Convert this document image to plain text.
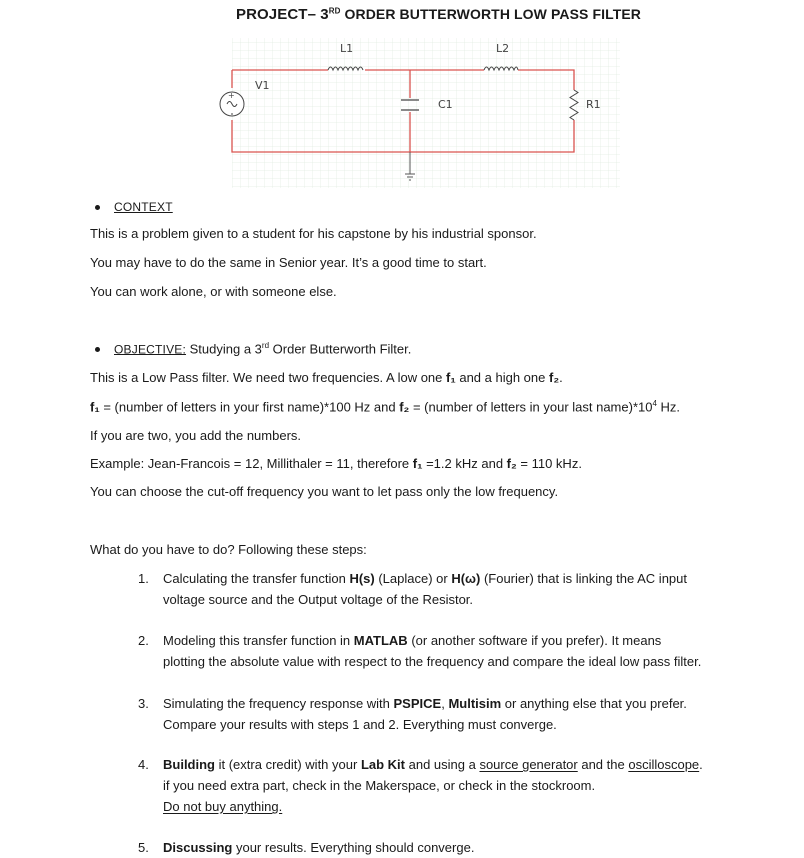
PROJECT– 3RD ORDER BUTTERWORTH LOW PASS FILTER
L1	L2
+
V1
C1	R1
CONTEXT
This is a problem given to a student for his capstone by his industrial sponsor.
You may have to do the same in Senior year. It’s a good time to start.
You can work alone, or with someone else.
OBJECTIVE: Studying a 3rd Order Butterworth Filter.
This is a Low Pass filter. We need two frequencies. A low one f₁ and a high one f₂.
f₁ = (number of letters in your first name)*100 Hz and f₂ = (number of letters in your last $name)*10^4$ Hz.
If you are two, you add the numbers.
Example: Jean-Francois = 12, Millithaler = 11, therefore f₁ =1.2 kHz and f₂ = 110 kHz.
You can choose the cut-off frequency you want to let pass only the low frequency.
What do you have to do? Following these steps:
1. Calculating the transfer function H(s) (Laplace) or H(ω) (Fourier) that is linking the AC input
voltage source and the Output voltage of the Resistor.
2. Modeling this transfer function in MATLAB (or another software if you prefer). It means
plotting the absolute value with respect to the frequency and compare the ideal low pass filter.
3. Simulating the frequency response with PSPICE, Multisim or anything else that you prefer.
Compare your results with steps 1 and 2. Everything must converge.
4. Building it (extra credit) with your Lab Kit and using a source generator and the oscilloscope.
if you need extra part, check in the Makerspace, or check in the stockroom.
Do not buy anything.
5. Discussing your results. Everything should converge.
